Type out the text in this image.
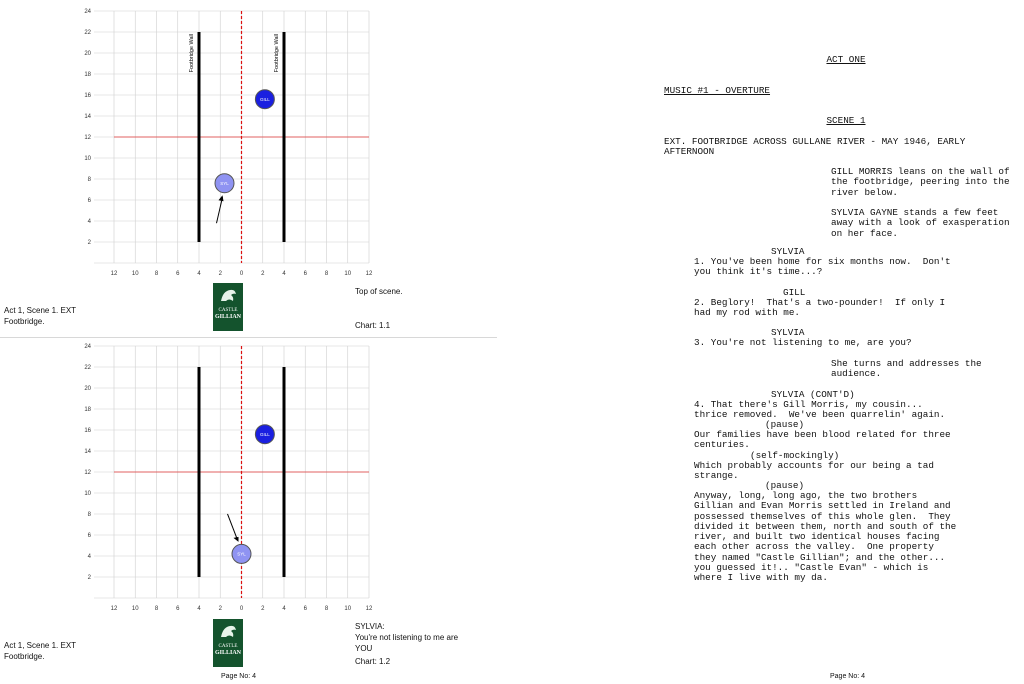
2
4
6
8
10
12
14
16
18
20
22
24
12 10	8	6	4	2	0	2	4	6	8	10 12
Footbridge Wall	Footbridge Wall
GILL
SYL
2
4
6
8
10
12
14
16
18
20
22
24
12 10	8	6	4	2	0	2	4	6	8	10 12
GILL
SYL
Act 1, Scene 1. EXT Footbridge.
Top of scene.
Chart: 1.1
CASTLE
GILLIAN
Act 1, Scene 1. EXT Footbridge.
SYLVIA:
You're not listening to me are
YOU
Chart: 1.2
CASTLE
GILLIAN
Page No: 4
ACT ONE
MUSIC #1 - OVERTURE
SCENE 1
EXT. FOOTBRIDGE ACROSS GULLANE RIVER - MAY 1946, EARLY
AFTERNOON
GILL MORRIS leans on the wall of
the footbridge, peering into the
river below.
SYLVIA GAYNE stands a few feet
away with a look of exasperation
on her face.
SYLVIA
1. You've been home for six months now.  Don't
you think it's time...?
GILL
2. Beglory!  That's a two-pounder!  If only I
had my rod with me.
SYLVIA
3. You're not listening to me, are you?
She turns and addresses the
audience.
SYLVIA (CONT'D)
4. That there's Gill Morris, my cousin...
thrice removed.  We've been quarrelin' again.
(pause)
Our families have been blood related for three
centuries.
(self-mockingly)
Which probably accounts for our being a tad
strange.
(pause)
Anyway, long, long ago, the two brothers
Gillian and Evan Morris settled in Ireland and
possessed themselves of this whole glen.  They
divided it between them, north and south of the
river, and built two identical houses facing
each other across the valley.  One property
they named "Castle Gillian"; and the other...
you guessed it!.. "Castle Evan" - which is
where I live with my da.
Page No: 4
